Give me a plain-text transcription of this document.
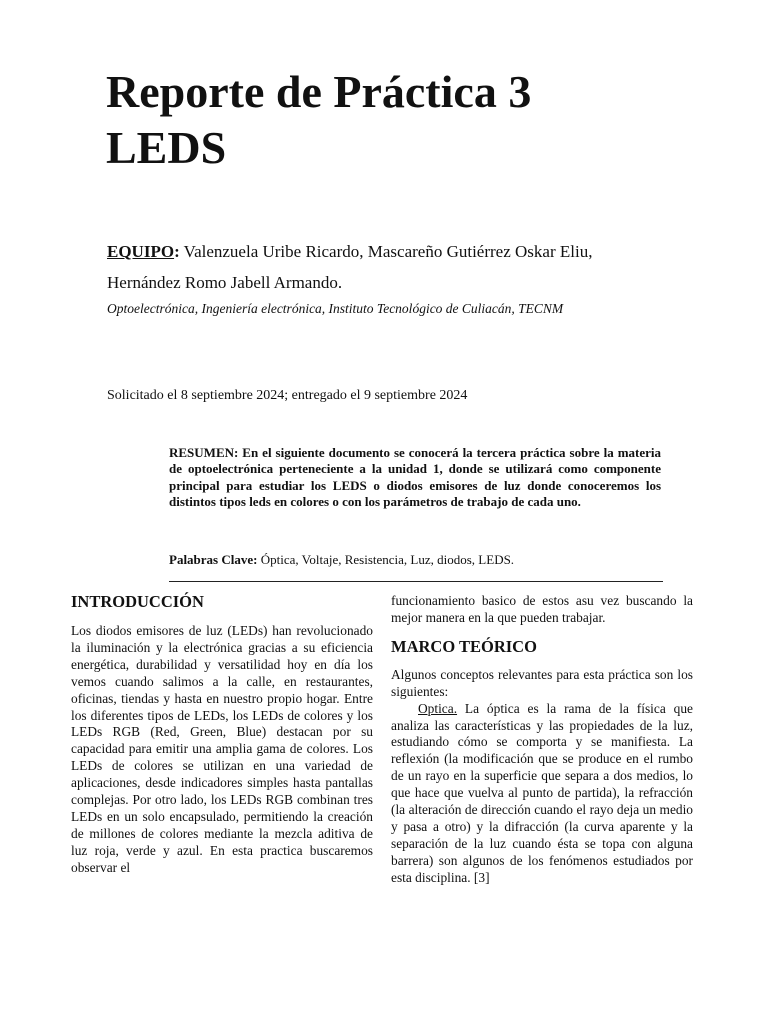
Reporte de Práctica 3
LEDS

EQUIPO: Valenzuela Uribe Ricardo, Mascareño Gutiérrez Oskar Eliu,
Hernández Romo Jabell Armando.

Optoelectrónica, Ingeniería electrónica, Instituto Tecnológico de Culiacán, TECNM

Solicitado el 8 septiembre 2024; entregado el 9 septiembre 2024

RESUMEN: En el siguiente documento se conocerá la tercera práctica sobre la materia de optoelectrónica perteneciente a la unidad 1, donde se utilizará como componente principal para estudiar los LEDS o diodos emisores de luz donde conoceremos los distintos tipos leds en colores o con los parámetros de trabajo de cada uno.

Palabras Clave: Óptica, Voltaje, Resistencia, Luz, diodos, LEDS.

INTRODUCCIÓN

Los diodos emisores de luz (LEDs) han revolucionado la iluminación y la electrónica gracias a su eficiencia energética, durabilidad y versatilidad hoy en día los vemos cuando salimos a la calle, en restaurantes, oficinas, tiendas y hasta en nuestro propio hogar. Entre los diferentes tipos de LEDs, los LEDs de colores y los LEDs RGB (Red, Green, Blue) destacan por su capacidad para emitir una amplia gama de colores. Los LEDs de colores se utilizan en una variedad de aplicaciones, desde indicadores simples hasta pantallas complejas. Por otro lado, los LEDs RGB combinan tres LEDs en un solo encapsulado, permitiendo la creación de millones de colores mediante la mezcla aditiva de luz roja, verde y azul. En esta practica buscaremos observar el

funcionamiento basico de estos asu vez buscando la mejor manera en la que pueden trabajar.

MARCO TEÓRICO

Algunos conceptos relevantes para esta práctica son los siguientes:

Optica. La óptica es la rama de la física que analiza las características y las propiedades de la luz, estudiando cómo se comporta y se manifiesta. La reflexión (la modificación que se produce en el rumbo de un rayo en la superficie que separa a dos medios, lo que hace que vuelva al punto de partida), la refracción (la alteración de dirección cuando el rayo deja un medio y pasa a otro) y la difracción (la curva aparente y la separación de la luz cuando ésta se topa con alguna barrera) son algunos de los fenómenos estudiados por esta disciplina. [3]
